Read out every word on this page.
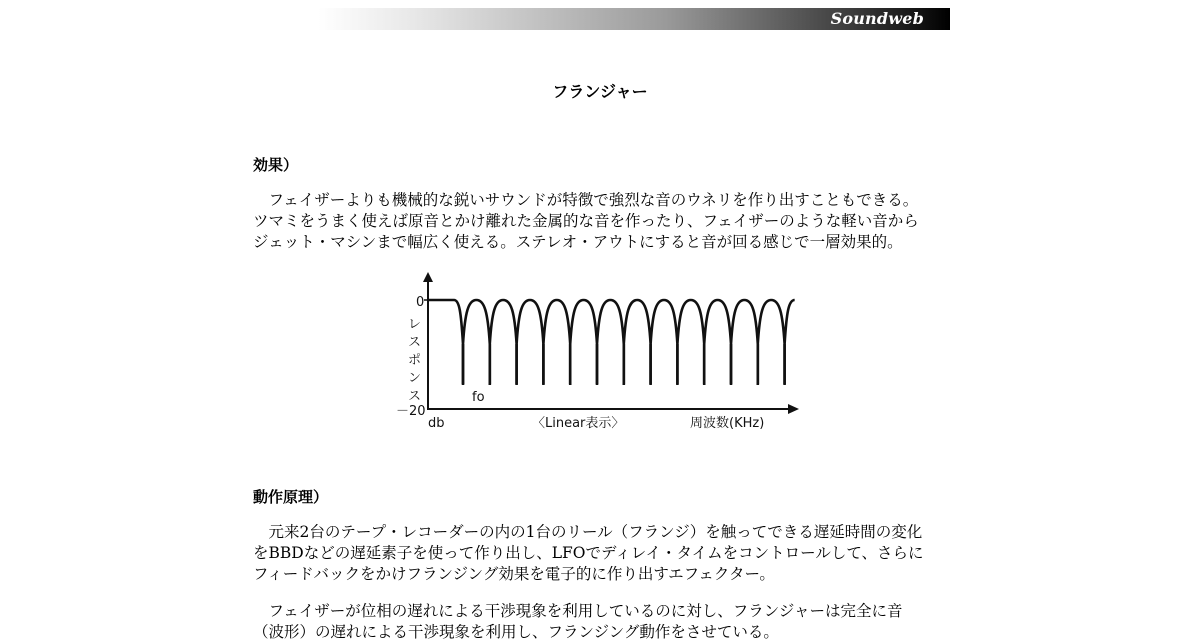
Soundweb
フランジャー
効果）
　フェイザーよりも機械的な鋭いサウンドが特徴で強烈な音のウネリを作り出すこともできる。
ツマミをうまく使えば原音とかけ離れた金属的な音を作ったり、フェイザーのような軽い音から
ジェット・マシンまで幅広く使える。ステレオ・アウトにすると音が回る感じで一層効果的。
0
－20
db
レ
ス
ポ
ン
ス	fo
〈Linear表示〉	周波数(KHz)
動作原理）
　元来2台のテープ・レコーダーの内の1台のリール（フランジ）を触ってできる遅延時間の変化
をBBDなどの遅延素子を使って作り出し、LFOでディレイ・タイムをコントロールして、さらに
フィードバックをかけフランジング効果を電子的に作り出すエフェクター。
　フェイザーが位相の遅れによる干渉現象を利用しているのに対し、フランジャーは完全に音
（波形）の遅れによる干渉現象を利用し、フランジング動作をさせている。
